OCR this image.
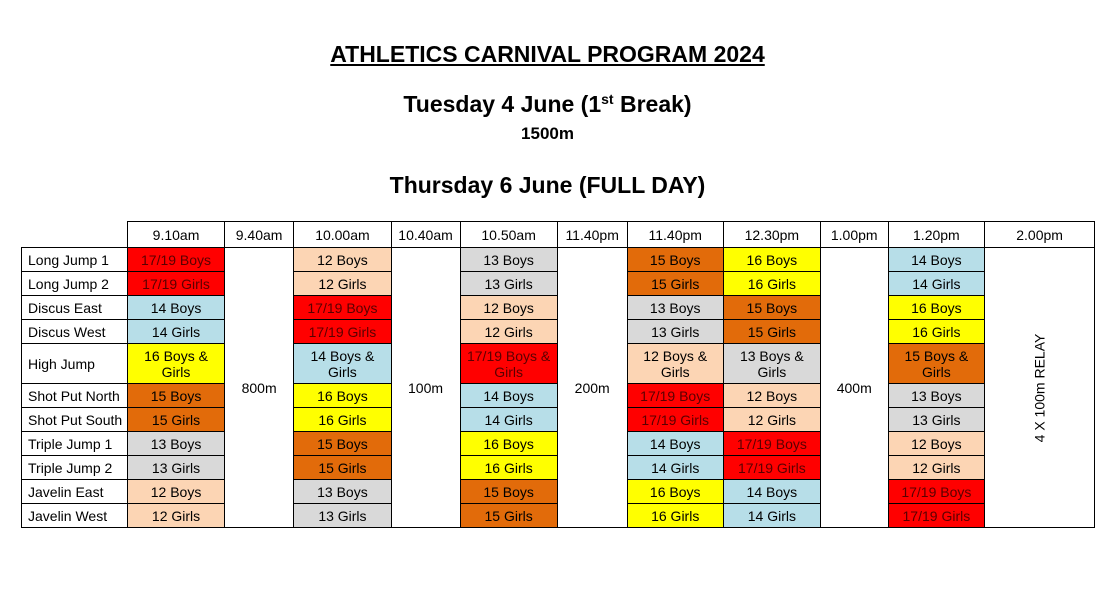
ATHLETICS CARNIVAL PROGRAM 2024
Tuesday 4 June (1st Break)
1500m
Thursday 6 June (FULL DAY)
	9.10am	9.40am	10.00am	10.40am	10.50am	11.40pm	11.40pm	12.30pm	1.00pm	1.20pm	2.00pm
Long Jump 1	17/19 Boys	800m	12 Boys	100m	13 Boys	200m	15 Boys	16 Boys	400m	14 Boys	4 X 100m RELAY
Long Jump 2	17/19 Girls		12 Girls		13 Girls		15 Girls	16 Girls		14 Girls	
Discus East	14 Boys		17/19 Boys		12 Boys		13 Boys	15 Boys		16 Boys	
Discus West	14 Girls		17/19 Girls		12 Girls		13 Girls	15 Girls		16 Girls	
High Jump	16 Boys & Girls		14 Boys & Girls		17/19 Boys & Girls		12 Boys & Girls	13 Boys & Girls		15 Boys & Girls	
Shot Put North	15 Boys		16 Boys		14 Boys		17/19 Boys	12 Boys		13 Boys	
Shot Put South	15 Girls		16 Girls		14 Girls		17/19 Girls	12 Girls		13 Girls	
Triple Jump 1	13 Boys		15 Boys		16 Boys		14 Boys	17/19 Boys		12 Boys	
Triple Jump 2	13 Girls		15 Girls		16 Girls		14 Girls	17/19 Girls		12 Girls	
Javelin East	12 Boys		13 Boys		15 Boys		16 Boys	14 Boys		17/19 Boys	
Javelin West	12 Girls		13 Girls		15 Girls		16 Girls	14 Girls		17/19 Girls	
